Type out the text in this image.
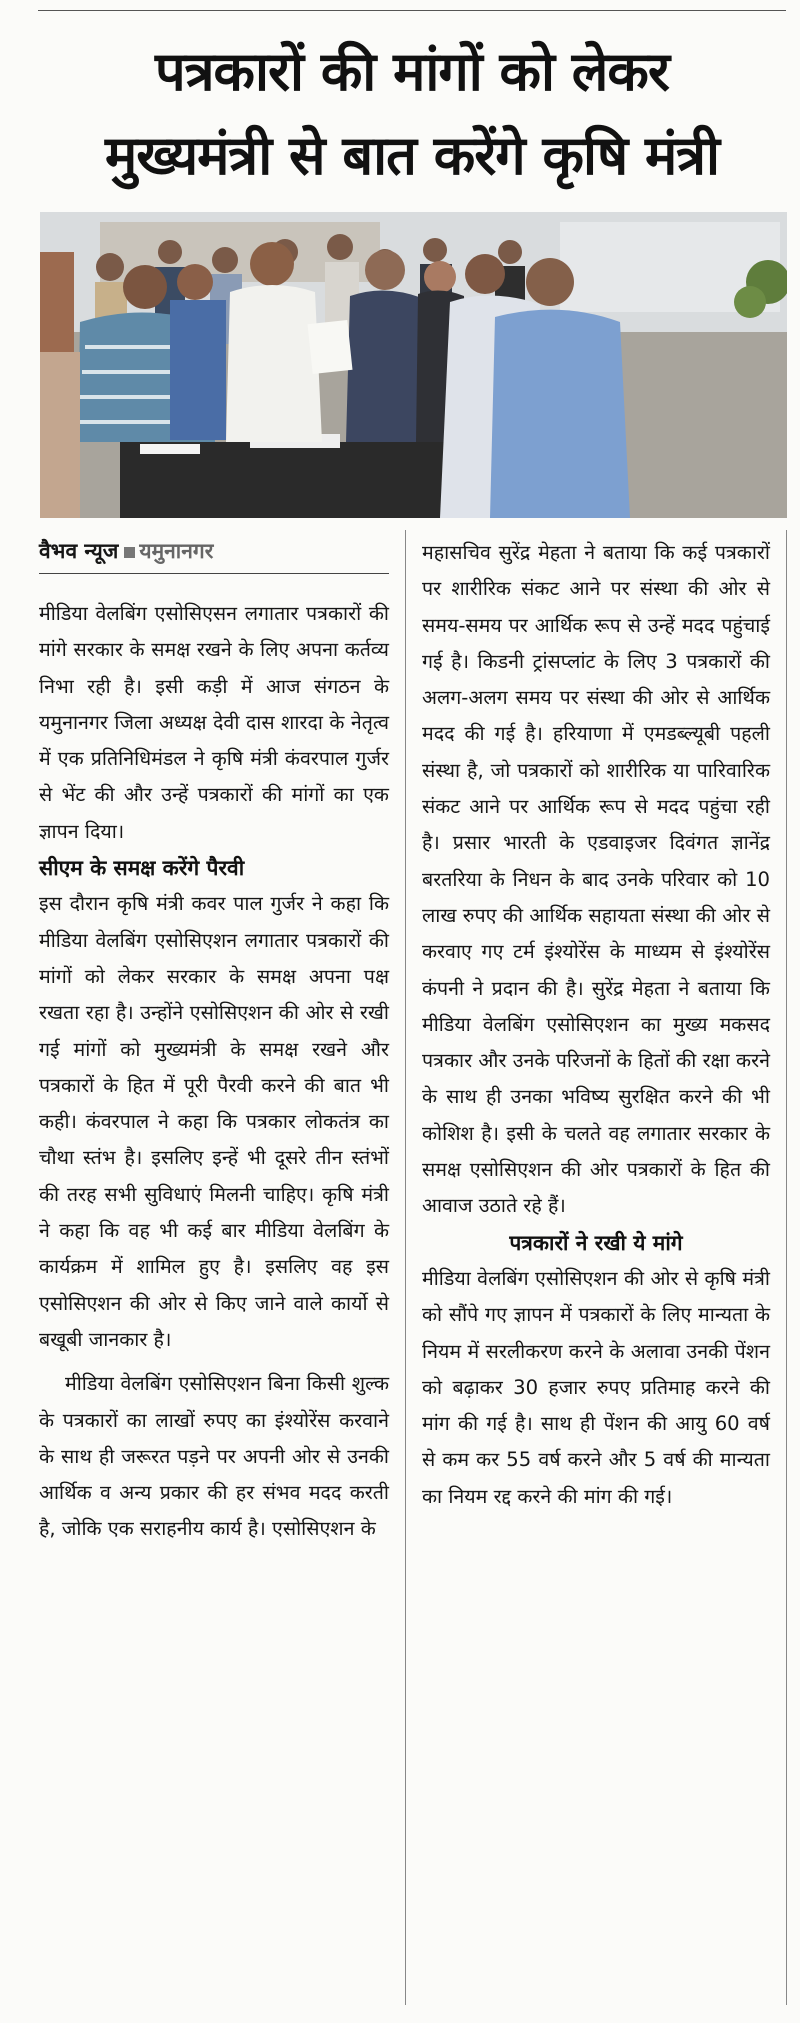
पत्रकारों की मांगों को लेकर
मुख्यमंत्री से बात करेंगे कृषि मंत्री
वैभव न्यूज यमुनानगर

मीडिया वेलबिंग एसोसिएसन लगातार पत्रकारों की मांगे सरकार के समक्ष रखने के लिए अपना कर्तव्य निभा रही है। इसी कड़ी में आज संगठन के यमुनानगर जिला अध्यक्ष देवी दास शारदा के नेतृत्व में एक प्रतिनिधिमंडल ने कृषि मंत्री कंवरपाल गुर्जर से भेंट की और उन्हें पत्रकारों की मांगों का एक ज्ञापन दिया।

सीएम के समक्ष करेंगे पैरवी

इस दौरान कृषि मंत्री कवर पाल गुर्जर ने कहा कि मीडिया वेलबिंग एसोसिएशन लगातार पत्रकारों की मांगों को लेकर सरकार के समक्ष अपना पक्ष रखता रहा है। उन्होंने एसोसिएशन की ओर से रखी गई मांगों को मुख्यमंत्री के समक्ष रखने और पत्रकारों के हित में पूरी पैरवी करने की बात भी कही। कंवरपाल ने कहा कि पत्रकार लोकतंत्र का चौथा स्तंभ है। इसलिए इन्हें भी दूसरे तीन स्तंभों की तरह सभी सुविधाएं मिलनी चाहिए। कृषि मंत्री ने कहा कि वह भी कई बार मीडिया वेलबिंग के कार्यक्रम में शामिल हुए है। इसलिए वह इस एसोसिएशन की ओर से किए जाने वाले कार्यो से बखूबी जानकार है।

मीडिया वेलबिंग एसोसिएशन बिना किसी शुल्क के पत्रकारों का लाखों रुपए का इंश्योरेंस करवाने के साथ ही जरूरत पड़ने पर अपनी ओर से उनकी आर्थिक व अन्य प्रकार की हर संभव मदद करती है, जोकि एक सराहनीय कार्य है। एसोसिएशन के

महासचिव सुरेंद्र मेहता ने बताया कि कई पत्रकारों पर शारीरिक संकट आने पर संस्था की ओर से समय-समय पर आर्थिक रूप से उन्हें मदद पहुंचाई गई है। किडनी ट्रांसप्लांट के लिए 3 पत्रकारों की अलग-अलग समय पर संस्था की ओर से आर्थिक मदद की गई है। हरियाणा में एमडब्ल्यूबी पहली संस्था है, जो पत्रकारों को शारीरिक या पारिवारिक संकट आने पर आर्थिक रूप से मदद पहुंचा रही है। प्रसार भारती के एडवाइजर दिवंगत ज्ञानेंद्र बरतरिया के निधन के बाद उनके परिवार को 10 लाख रुपए की आर्थिक सहायता संस्था की ओर से करवाए गए टर्म इंश्योरेंस के माध्यम से इंश्योरेंस कंपनी ने प्रदान की है। सुरेंद्र मेहता ने बताया कि मीडिया वेलबिंग एसोसिएशन का मुख्य मकसद पत्रकार और उनके परिजनों के हितों की रक्षा करने के साथ ही उनका भविष्य सुरक्षित करने की भी कोशिश है। इसी के चलते वह लगातार सरकार के समक्ष एसोसिएशन की ओर पत्रकारों के हित की आवाज उठाते रहे हैं।

पत्रकारों ने रखी ये मांगे

मीडिया वेलबिंग एसोसिएशन की ओर से कृषि मंत्री को सौंपे गए ज्ञापन में पत्रकारों के लिए मान्यता के नियम में सरलीकरण करने के अलावा उनकी पेंशन को बढ़ाकर 30 हजार रुपए प्रतिमाह करने की मांग की गई है। साथ ही पेंशन की आयु 60 वर्ष से कम कर 55 वर्ष करने और 5 वर्ष की मान्यता का नियम रद्द करने की मांग की गई।
